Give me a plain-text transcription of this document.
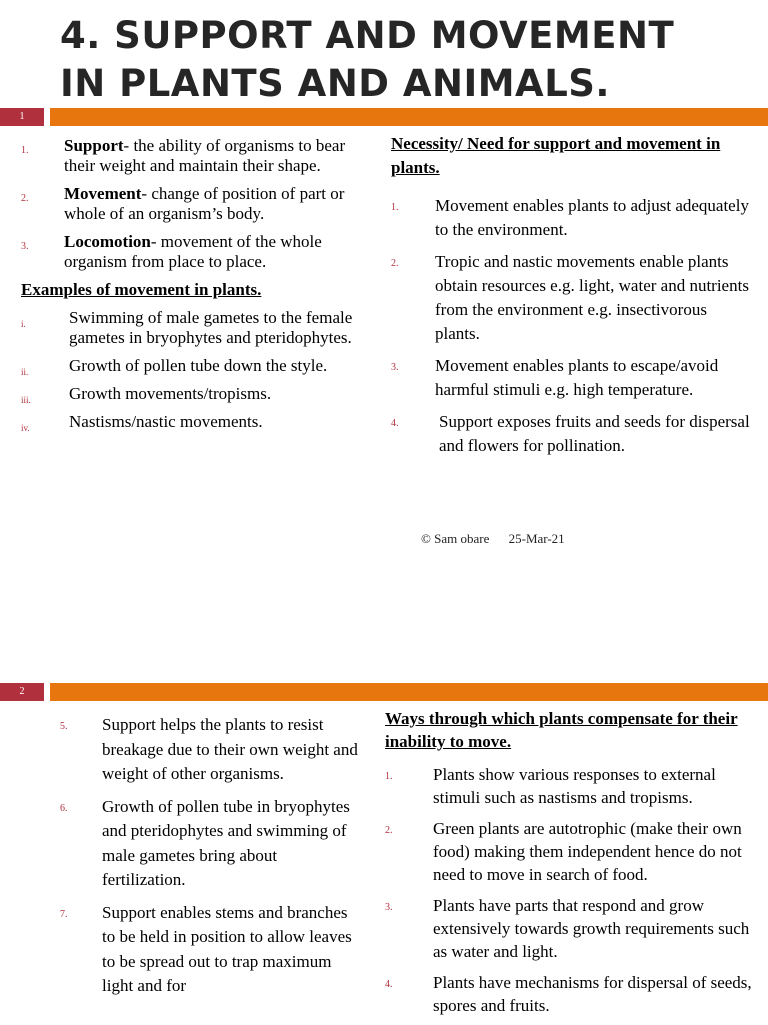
4. SUPPORT AND MOVEMENT
IN PLANTS AND ANIMALS.
1
1. Support- the ability of organisms to bear their weight and maintain their shape.
2. Movement- change of position of part or whole of an organism’s body.
3. Locomotion- movement of the whole organism from place to place.
Examples of movement in plants.
i.	Swimming of male gametes to the female gametes in bryophytes and pteridophytes.
ii. Growth of pollen tube down the style.
iii. Growth movements/tropisms.
iv. Nastisms/nastic movements.
Necessity/ Need for support and movement in plants.
1. Movement enables plants to adjust adequately to the environment.
2. Tropic and nastic movements enable plants obtain resources e.g. light, water and nutrients from the environment e.g. insectivorous plants.
3. Movement enables plants to escape/avoid harmful stimuli e.g. high temperature.
4. Support exposes fruits and seeds for dispersal and flowers for pollination.
© Sam obare 25-Mar-21
2
5. Support helps the plants to resist breakage due to their own weight and weight of other organisms.
6. Growth of pollen tube in bryophytes and pteridophytes and swimming of male gametes bring about fertilization.
7. Support enables stems and branches to be held in position to allow leaves to be spread out to trap maximum light and for
Ways through which plants compensate for their inability to move.
1. Plants show various responses to external stimuli such as nastisms and tropisms.
2. Green plants are autotrophic (make their own food) making them independent hence do not need to move in search of food.
3. Plants have parts that respond and grow extensively towards growth requirements such as water and light.
4. Plants have mechanisms for dispersal of seeds, spores and fruits.
